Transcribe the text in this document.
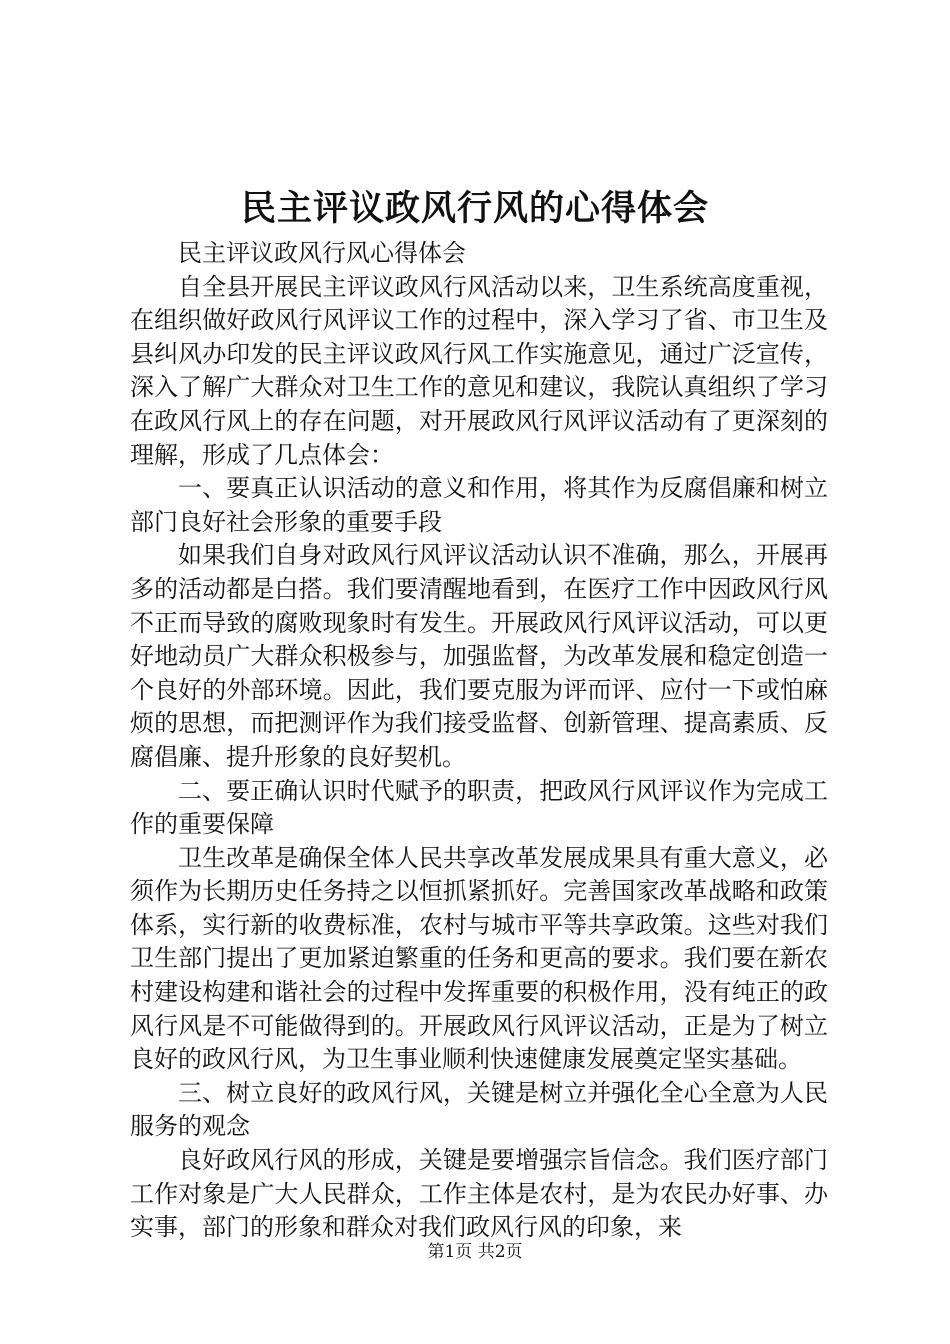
民主评议政风行风的心得体会

民主评议政风行风心得体会

自全县开展民主评议政风行风活动以来，卫生系统高度重视，在组织做好政风行风评议工作的过程中，深入学习了省、市卫生及县纠风办印发的民主评议政风行风工作实施意见，通过广泛宣传，深入了解广大群众对卫生工作的意见和建议，我院认真组织了学习在政风行风上的存在问题，对开展政风行风评议活动有了更深刻的理解，形成了几点体会：

一、要真正认识活动的意义和作用，将其作为反腐倡廉和树立部门良好社会形象的重要手段

如果我们自身对政风行风评议活动认识不准确，那么，开展再多的活动都是白搭。我们要清醒地看到，在医疗工作中因政风行风不正而导致的腐败现象时有发生。开展政风行风评议活动，可以更好地动员广大群众积极参与，加强监督，为改革发展和稳定创造一个良好的外部环境。因此，我们要克服为评而评、应付一下或怕麻烦的思想，而把测评作为我们接受监督、创新管理、提高素质、反腐倡廉、提升形象的良好契机。

二、要正确认识时代赋予的职责，把政风行风评议作为完成工作的重要保障

卫生改革是确保全体人民共享改革发展成果具有重大意义，必须作为长期历史任务持之以恒抓紧抓好。完善国家改革战略和政策体系，实行新的收费标准，农村与城市平等共享政策。这些对我们卫生部门提出了更加紧迫繁重的任务和更高的要求。我们要在新农村建设构建和谐社会的过程中发挥重要的积极作用，没有纯正的政风行风是不可能做得到的。开展政风行风评议活动，正是为了树立良好的政风行风，为卫生事业顺利快速健康发展奠定坚实基础。

三、树立良好的政风行风，关键是树立并强化全心全意为人民服务的观念

良好政风行风的形成，关键是要增强宗旨信念。我们医疗部门工作对象是广大人民群众，工作主体是农村，是为农民办好事、办实事，部门的形象和群众对我们政风行风的印象，来

第1页 共2页
